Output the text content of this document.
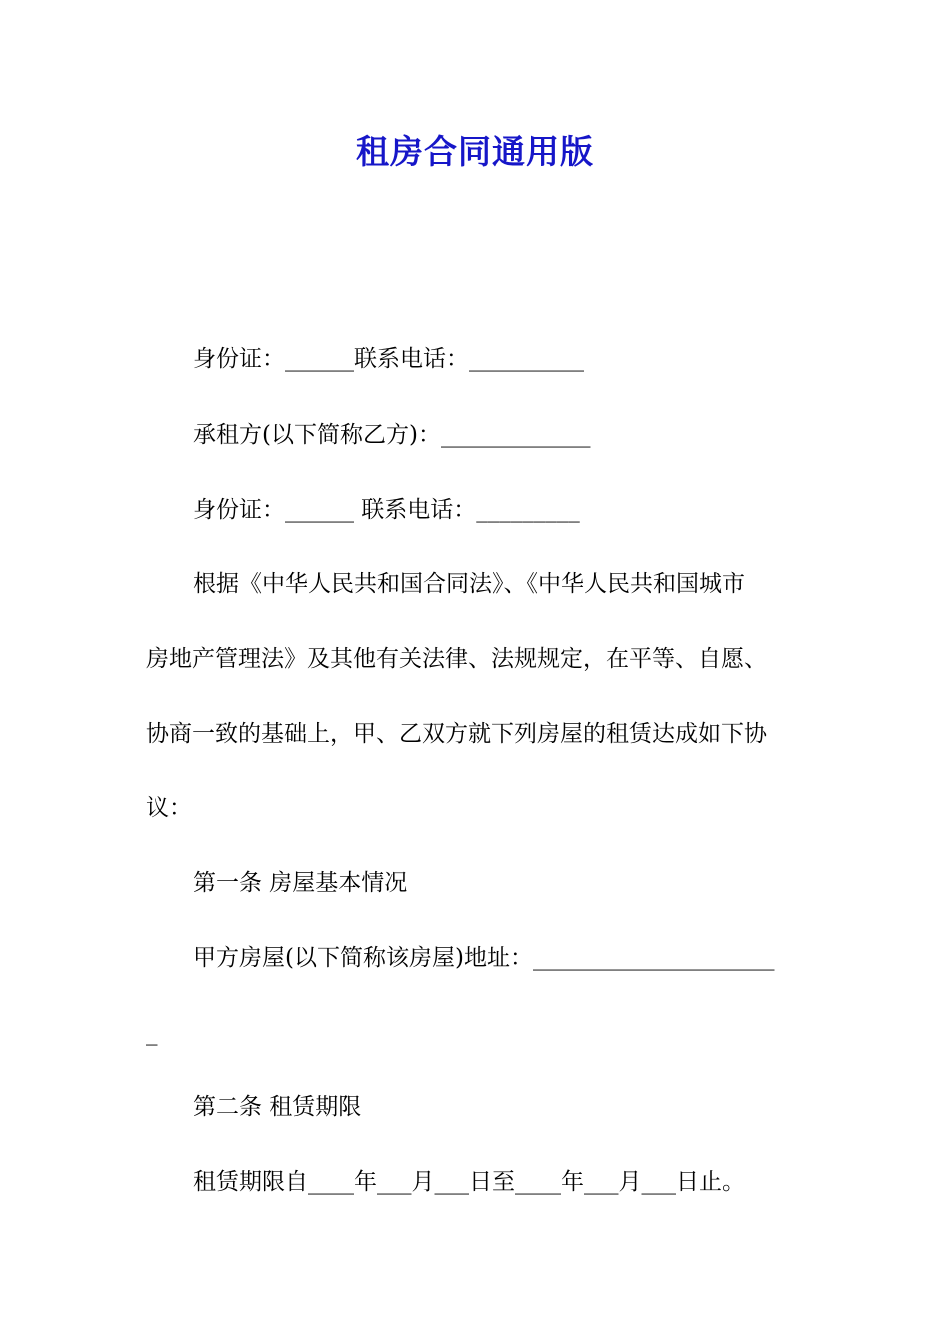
租房合同通用版
身份证：______联系电话：__________
承租方(以下简称乙方)：_____________
身份证：______ 联系电话：_________
根据《中华人民共和国合同法》、《中华人民共和国城市
房地产管理法》及其他有关法律、法规规定，在平等、自愿、
协商一致的基础上，甲、乙双方就下列房屋的租赁达成如下协
议：
第一条 房屋基本情况
甲方房屋(以下简称该房屋)地址：_____________________
_
第二条 租赁期限
租赁期限自____年___月___日至____年___月___日止。
